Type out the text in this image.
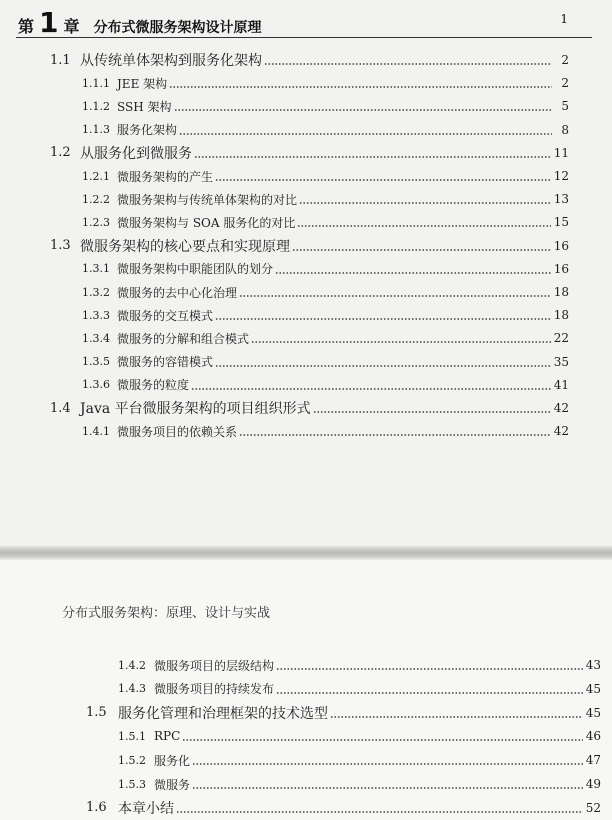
第 1 章 分布式微服务架构设计原理
1
1.1 从传统单体架构到服务化架构	2
1.1.1 JEE 架构	2
1.1.2 SSH 架构	5
1.1.3 服务化架构	8
1.2 从服务化到微服务	11
1.2.1 微服务架构的产生	12
1.2.2 微服务架构与传统单体架构的对比	13
1.2.3 微服务架构与 SOA 服务化的对比	15
1.3 微服务架构的核心要点和实现原理	16
1.3.1 微服务架构中职能团队的划分	16
1.3.2 微服务的去中心化治理	18
1.3.3 微服务的交互模式	18
1.3.4 微服务的分解和组合模式	22
1.3.5 微服务的容错模式	35
1.3.6 微服务的粒度	41
1.4 Java 平台微服务架构的项目组织形式	42
1.4.1 微服务项目的依赖关系	42
分布式服务架构：原理、设计与实战
1.4.2 微服务项目的层级结构	43
1.4.3 微服务项目的持续发布	45
1.5 服务化管理和治理框架的技术选型	45
1.5.1 RPC	46
1.5.2 服务化	47
1.5.3 微服务	49
1.6 本章小结	52
